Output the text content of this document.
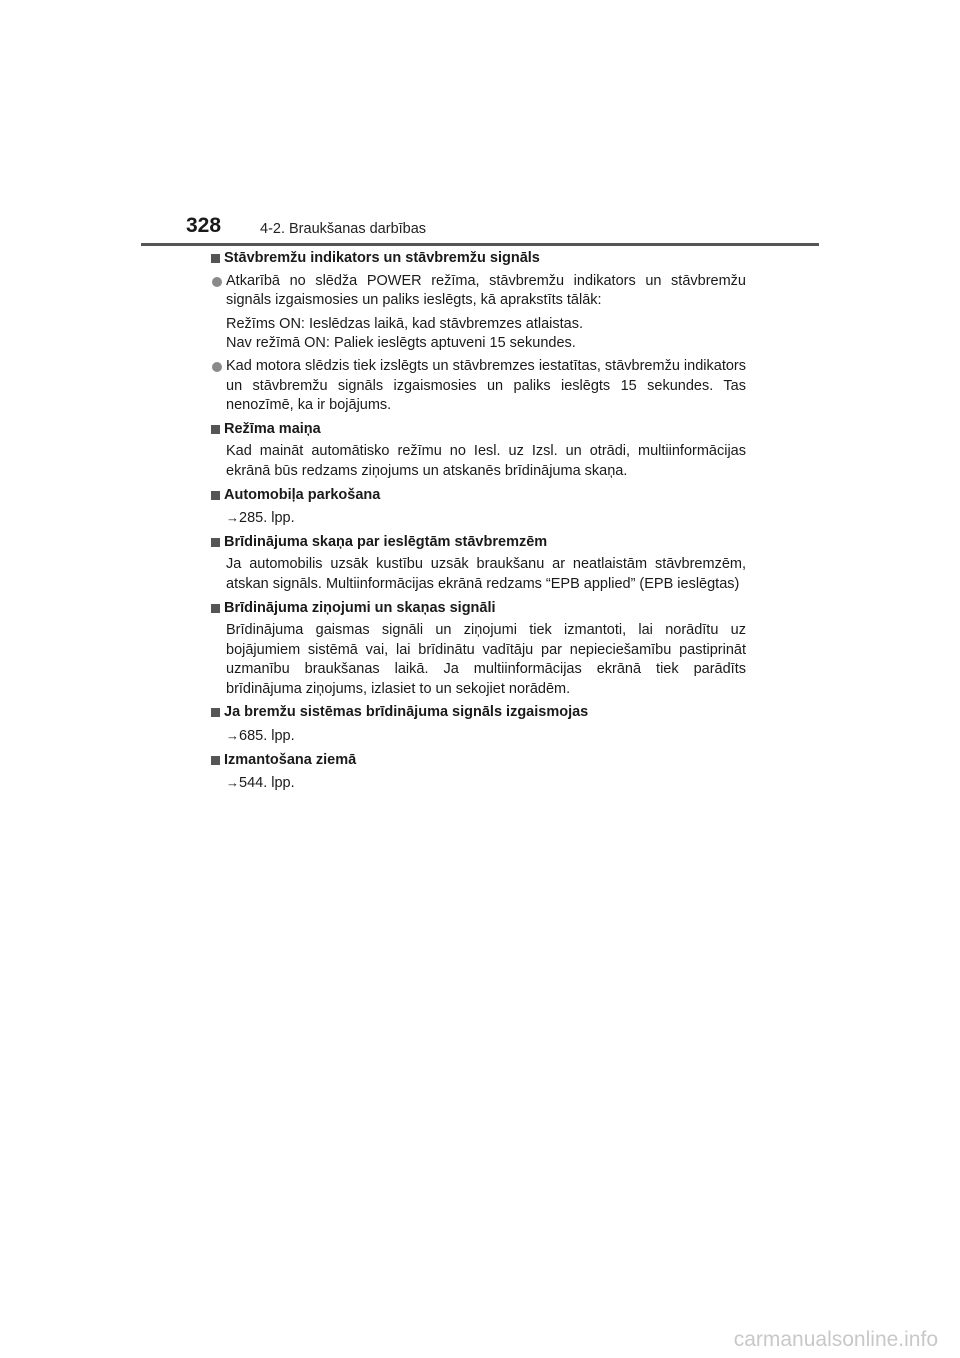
328	4-2. Braukšanas darbības
Stāvbremžu indikators un stāvbremžu signāls
Atkarībā no slēdža POWER režīma, stāvbremžu indikators un stāvbremžu signāls izgaismosies un paliks ieslēgts, kā aprakstīts tālāk:
Režīms ON: Ieslēdzas laikā, kad stāvbremzes atlaistas.
Nav režīmā ON: Paliek ieslēgts aptuveni 15 sekundes.
Kad motora slēdzis tiek izslēgts un stāvbremzes iestatītas, stāvbremžu indikators un stāvbremžu signāls izgaismosies un paliks ieslēgts 15 sekundes. Tas nenozīmē, ka ir bojājums.
Režīma maiņa
Kad maināt automātisko režīmu no Iesl. uz Izsl. un otrādi, multiinformācijas ekrānā būs redzams ziņojums un atskanēs brīdinājuma skaņa.
Automobiļa parkošana
→285. lpp.
Brīdinājuma skaņa par ieslēgtām stāvbremzēm
Ja automobilis uzsāk kustību uzsāk braukšanu ar neatlaistām stāvbremzēm, atskan signāls. Multiinformācijas ekrānā redzams “EPB applied” (EPB ieslēgtas)
Brīdinājuma ziņojumi un skaņas signāli
Brīdinājuma gaismas signāli un ziņojumi tiek izmantoti, lai norādītu uz bojājumiem sistēmā vai, lai brīdinātu vadītāju par nepieciešamību pastiprināt uzmanību braukšanas laikā. Ja multiinformācijas ekrānā tiek parādīts brīdinājuma ziņojums, izlasiet to un sekojiet norādēm.
Ja bremžu sistēmas brīdinājuma signāls izgaismojas
→685. lpp.
Izmantošana ziemā
→544. lpp.
carmanualsonline.info
